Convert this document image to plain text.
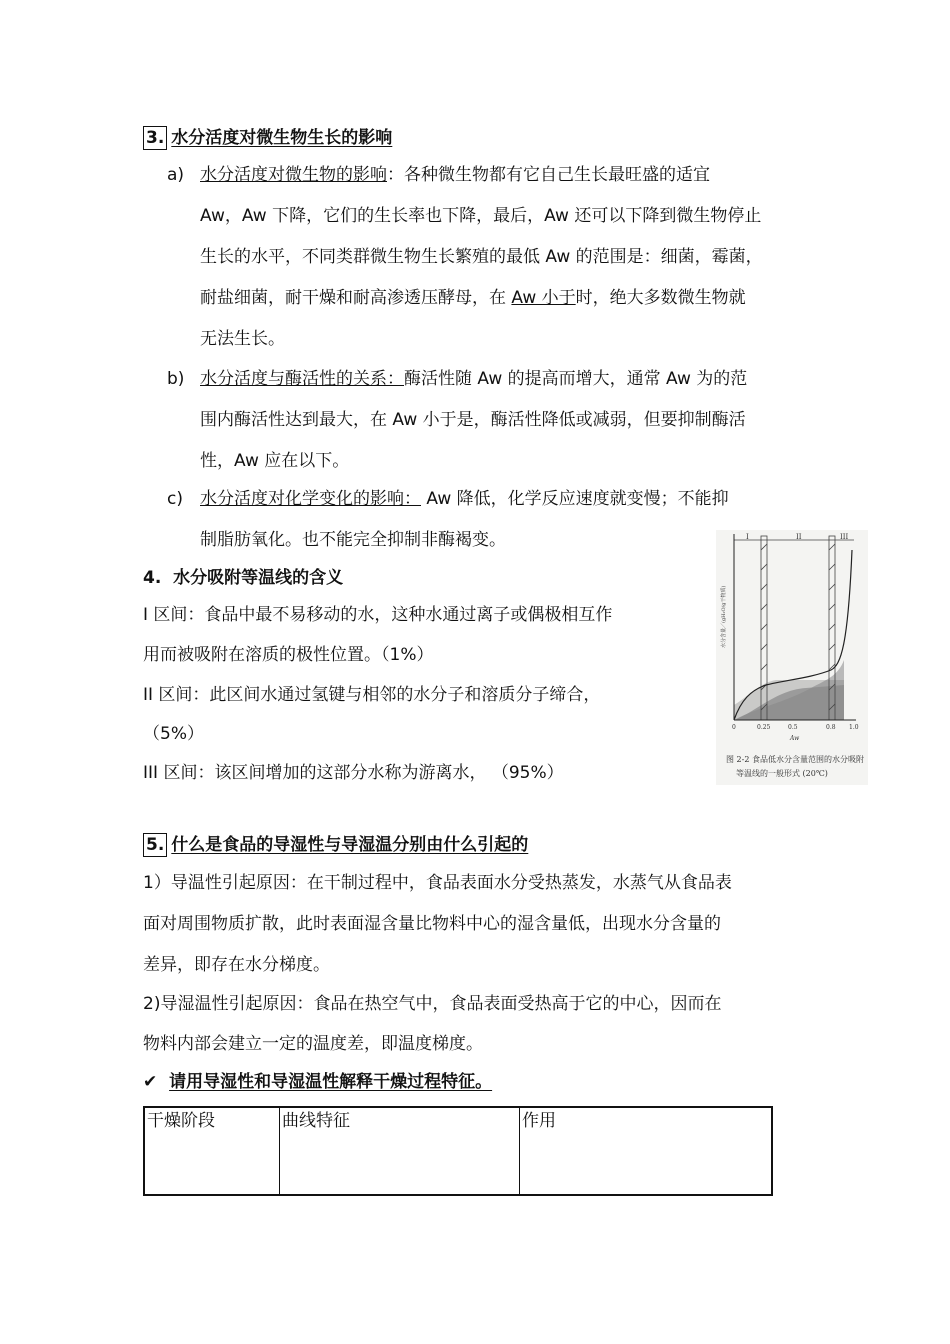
3. 水分活度对微生物生长的影响
a) 水分活度对微生物的影响：各种微生物都有它自己生长最旺盛的适宜
Aw，Aw 下降，它们的生长率也下降，最后，Aw 还可以下降到微生物停止
生长的水平，不同类群微生物生长繁殖的最低 Aw 的范围是：细菌，霉菌，
耐盐细菌，耐干燥和耐高渗透压酵母，在 Aw 小于时，绝大多数微生物就
无法生长。
b) 水分活度与酶活性的关系：酶活性随 Aw 的提高而增大，通常 Aw 为的范
围内酶活性达到最大，在 Aw 小于是，酶活性降低或减弱，但要抑制酶活
性，Aw 应在以下。
c) 水分活度对化学变化的影响： Aw 降低，化学反应速度就变慢；不能抑
制脂肪氧化。也不能完全抑制非酶褐变。
4. 水分吸附等温线的含义
I 区间：食品中最不易移动的水，这种水通过离子或偶极相互作
用而被吸附在溶质的极性位置。（1%）
II 区间：此区间水通过氢键与相邻的水分子和溶质分子缔合，
（5%）
III 区间：该区间增加的这部分水称为游离水， （95%）
I	II	III
0	0.25	0.5	0.8 1.0
Aw
水分含量／(gH₂O/g干物质)
图 2-2 食品低水分含量范围的水分吸附
等温线的一般形式 (20℃)
5. 什么是食品的导湿性与导湿温分别由什么引起的
1）导温性引起原因：在干制过程中，食品表面水分受热蒸发，水蒸气从食品表
面对周围物质扩散，此时表面湿含量比物料中心的湿含量低，出现水分含量的
差异，即存在水分梯度。
2)导湿温性引起原因：食品在热空气中，食品表面受热高于它的中心，因而在
物料内部会建立一定的温度差，即温度梯度。
✔ 请用导湿性和导湿温性解释干燥过程特征。
干燥阶段	曲线特征	作用
